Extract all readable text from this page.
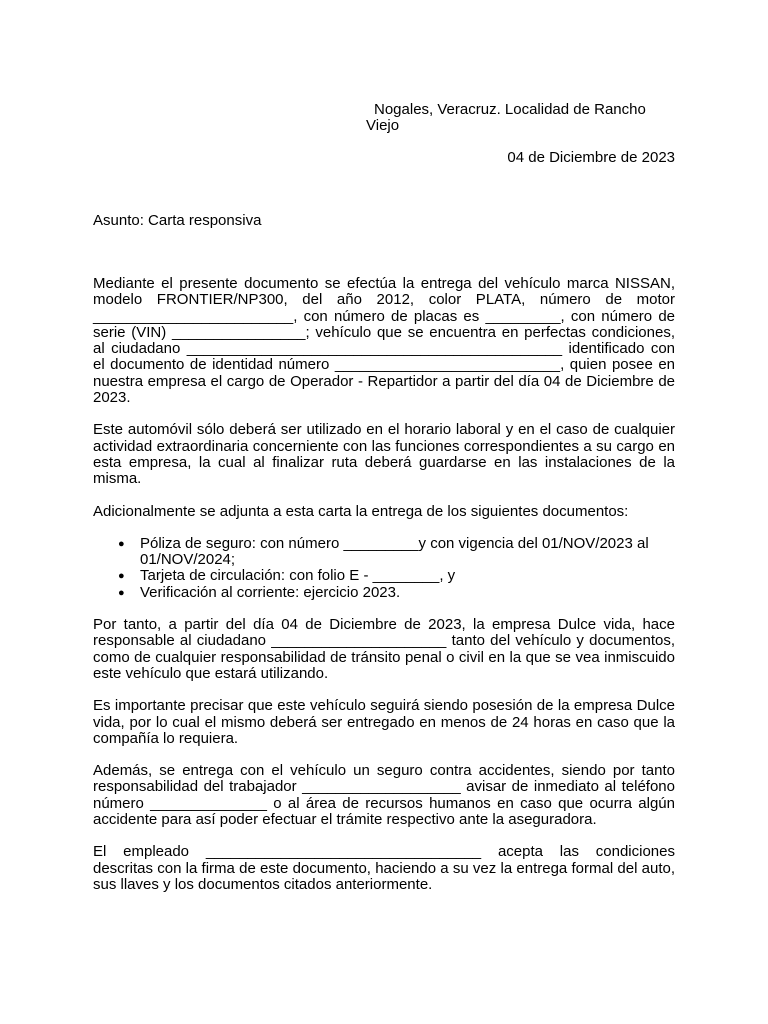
Nogales, Veracruz. Localidad de Rancho
Viejo
04 de Diciembre de 2023
Asunto: Carta responsiva

Mediante el presente documento se efectúa la entrega del vehículo marca NISSAN, modelo FRONTIER/NP300, del año 2012, color PLATA, número de motor ________________________, con número de placas es _________, con número de serie (VIN) ________________; vehículo que se encuentra en perfectas condiciones, al ciudadano _____________________________________________ identificado con el documento de identidad número ___________________________, quien posee en nuestra empresa el cargo de Operador - Repartidor a partir del día 04 de Diciembre de 2023.

Este automóvil sólo deberá ser utilizado en el horario laboral y en el caso de cualquier actividad extraordinaria concerniente con las funciones correspondientes a su cargo en esta empresa, la cual al finalizar ruta deberá guardarse en las instalaciones de la misma.

Adicionalmente se adjunta a esta carta la entrega de los siguientes documentos:

● Póliza de seguro: con número _________y con vigencia del 01/NOV/2023 al 01/NOV/2024;
● Tarjeta de circulación: con folio E - ________, y
● Verificación al corriente: ejercicio 2023.

Por tanto, a partir del día 04 de Diciembre de 2023, la empresa Dulce vida, hace responsable al ciudadano _____________________ tanto del vehículo y documentos, como de cualquier responsabilidad de tránsito penal o civil en la que se vea inmiscuido este vehículo que estará utilizando.

Es importante precisar que este vehículo seguirá siendo posesión de la empresa Dulce vida, por lo cual el mismo deberá ser entregado en menos de 24 horas en caso que la compañía lo requiera.

Además, se entrega con el vehículo un seguro contra accidentes, siendo por tanto responsabilidad del trabajador ___________________ avisar de inmediato al teléfono número ______________ o al área de recursos humanos en caso que ocurra algún accidente para así poder efectuar el trámite respectivo ante la aseguradora.

El empleado _________________________________ acepta las condiciones descritas con la firma de este documento, haciendo a su vez la entrega formal del auto, sus llaves y los documentos citados anteriormente.
